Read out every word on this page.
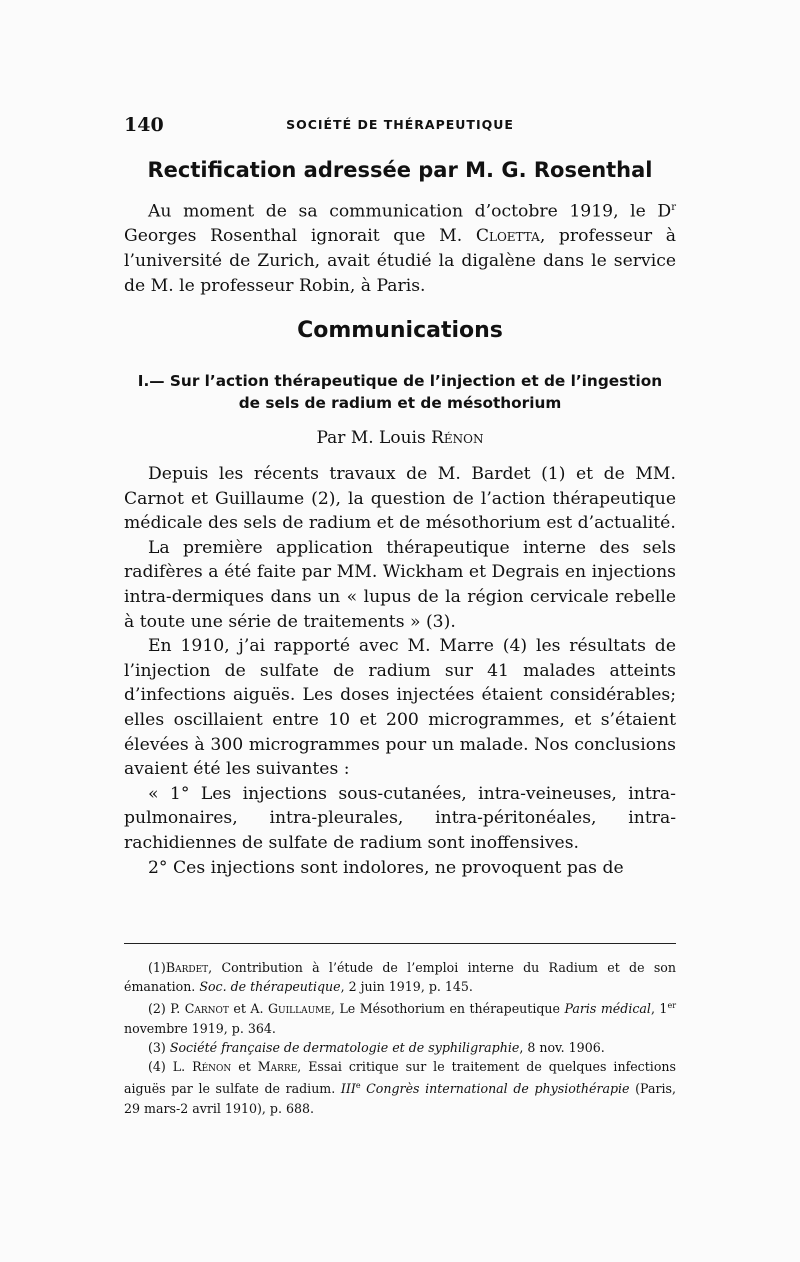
140	SOCIÉTÉ DE THÉRAPEUTIQUE
Rectification adressée par M. G. Rosenthal

Au moment de sa communication d’octobre 1919, le $D^r$ Georges Rosenthal ignorait que M. Cloetta, professeur à l’université de Zurich, avait étudié la digalène dans le service de M. le professeur Robin, à Paris.

Communications
I.— Sur l’action thérapeutique de l’injection et de l’ingestion
de sels de radium et de mésothorium
Par M. Louis Rénon

Depuis les récents travaux de M. Bardet (1) et de MM. Carnot et Guillaume (2), la question de l’action thérapeutique médicale des sels de radium et de mésothorium est d’actualité.

La première application thérapeutique interne des sels radifères a été faite par MM. Wickham et Degrais en injections intra-dermiques dans un « lupus de la région cervicale rebelle à toute une série de traitements » (3).

En 1910, j’ai rapporté avec M. Marre (4) les résultats de l’injection de sulfate de radium sur 41 malades atteints d’infections aiguës. Les doses injectées étaient considérables; elles oscillaient entre 10 et 200 microgrammes, et s’étaient élevées à 300 microgrammes pour un malade. Nos conclusions avaient été les suivantes :

« 1° Les injections sous-cutanées, intra-veineuses, intra-pulmonaires, intra-pleurales, intra-péritonéales, intra-rachidiennes de sulfate de radium sont inoffensives.

2° Ces injections sont indolores, ne provoquent pas de

(1)Bardet, Contribution à l’étude de l’emploi interne du Radium et de son émanation. Soc. de thérapeutique, 2 juin 1919, p. 145.

(2) P. Carnot et A. Guillaume, Le Mésothorium en thérapeutique Paris médical, 1er novembre 1919, p. 364.

(3) Société française de dermatologie et de syphiligraphie, 8 nov. 1906.

(4) L. Rénon et Marre, Essai critique sur le traitement de quelques infections aiguës par le sulfate de radium. IIIe Congrès international de physiothérapie (Paris, 29 mars-2 avril 1910), p. 688.
